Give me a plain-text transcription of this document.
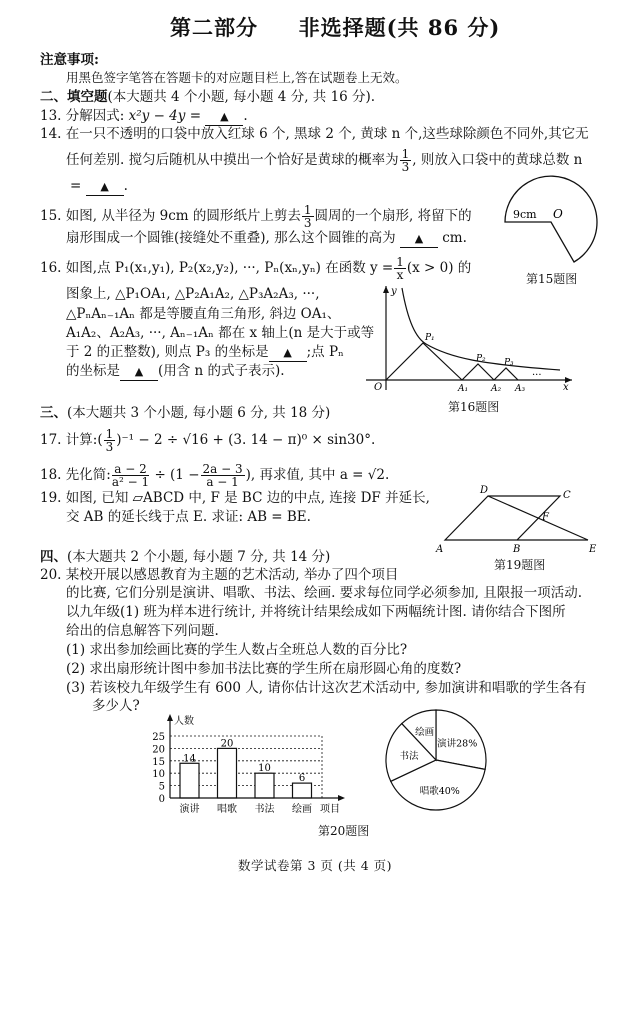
第二部分 非选择题(共 86 分)
注意事项:
用黑色签字笔答在答题卡的对应题目栏上,答在试题卷上无效。
二、填空题(本大题共 4 个小题, 每小题 4 分, 共 16 分).
13. 分解因式: x²y − 4y = ▲ .
14. 在一只不透明的口袋中放入红球 6 个, 黑球 2 个, 黄球 n 个,这些球除颜色不同外,其它无
任何差别. 搅匀后随机从中摸出一个恰好是黄球的概率为 $\frac{1}{3}$ , 则放入口袋中的黄球总数 n
= ▲ .
15. 如图, 从半径为 9cm 的圆形纸片上剪去 $\frac{1}{3}$ 圆周的一个扇形, 将留下的
扇形围成一个圆锥(接缝处不重叠), 那么这个圆锥的高为 ▲ cm.
9cm O
第15题图
16. 如图,点 P₁(x₁,y₁), P₂(x₂,y₂), ···, Pₙ(xₙ,yₙ) 在函数 $y = \frac{1}{x} (x > 0)$ 的
图象上, △P₁OA₁, △P₂A₁A₂, △P₃A₂A₃, ···,
△PₙAₙ₋₁Aₙ 都是等腰直角三角形, 斜边 OA₁、
A₁A₂、A₂A₃, ···, Aₙ₋₁Aₙ 都在 x 轴上(n 是大于或等
于 2 的正整数), 则点 P₃ 的坐标是 ▲ ;点 Pₙ
的坐标是 ▲ (用含 n 的式子表示).
y
x
O
P₁
P₂ P₃
A₁	A₂ A₃
···
第16题图
三、(本大题共 3 个小题, 每小题 6 分, 共 18 分)
17. 计算:( $\frac{1}{3} )^{-1} - 2 \div √16 + (3$. 14 − π)⁰ × sin30°.
18. 先化简: $\frac{a - 2}{\text{a² − 1}} \div (1 - \frac{2a - 3}{a - 1}$ ), 再求值, 其中 a = √2.
19. 如图, 已知 ▱ABCD 中, F 是 BC 边的中点, 连接 DF 并延长,
交 AB 的延长线于点 E. 求证: AB = BE.
A	B
C
D
E
F
第19题图
四、(本大题共 2 个小题, 每小题 7 分, 共 14 分)
20. 某校开展以感恩教育为主题的艺术活动, 举办了四个项目
的比赛, 它们分别是演讲、唱歌、书法、绘画. 要求每位同学必须参加, 且限报一项活动.
以九年级(1) 班为样本进行统计, 并将统计结果绘成如下两幅统计图. 请你结合下图所
给出的信息解答下列问题.
(1) 求出参加绘画比赛的学生人数占全班总人数的百分比?
(2) 求出扇形统计图中参加书法比赛的学生所在扇形圆心角的度数?
(3) 若该校九年级学生有 600 人, 请你估计这次艺术活动中, 参加演讲和唱歌的学生各有
多少人?
0
5
10
15
20
25
14
20
10
6
演讲 唱歌 书法 绘画
人数
项目
第20题图
演讲28%
唱歌40%
书法
绘画
数学试卷第 3 页 (共 4 页)
